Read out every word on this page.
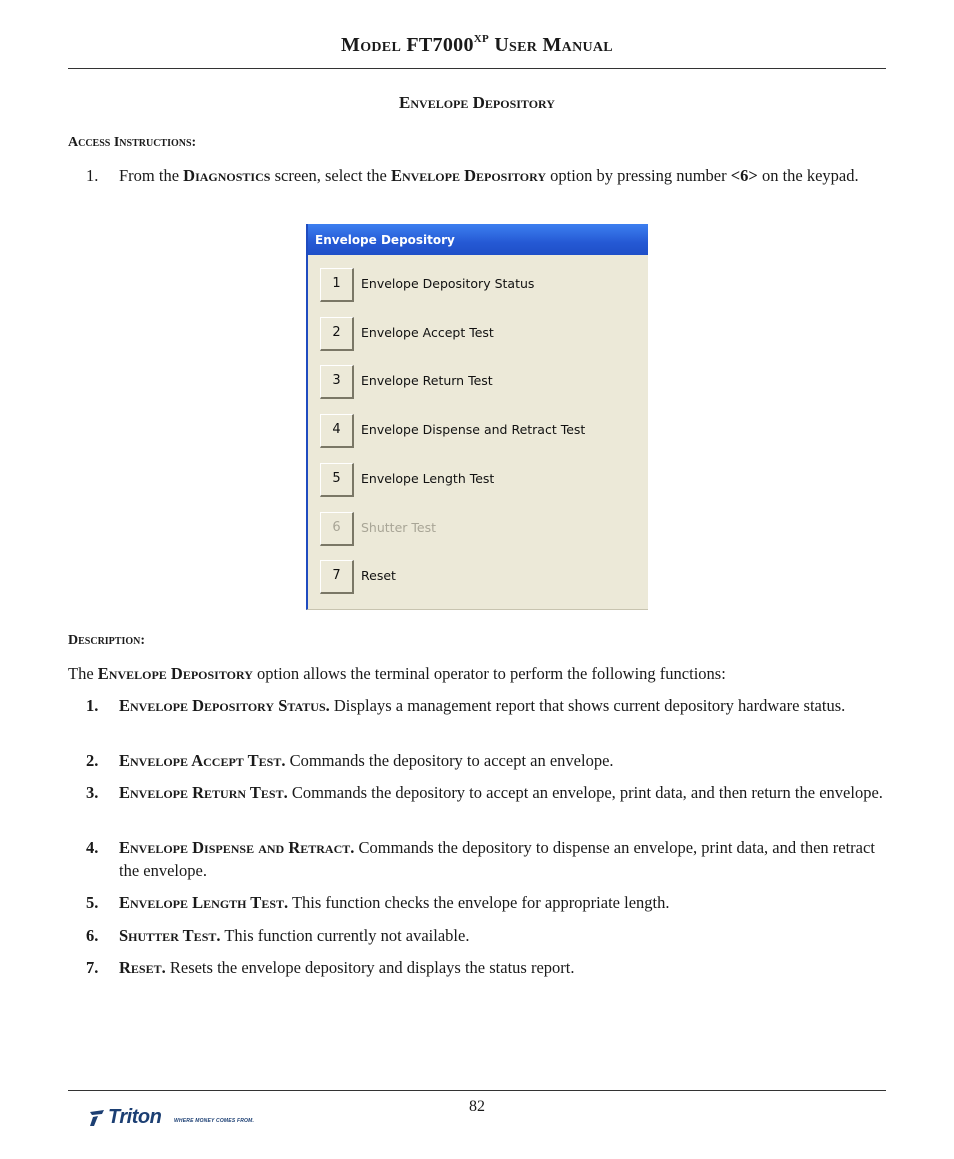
Model $FT7000^{XP}$ User Manual
Envelope Depository
Access Instructions:
1. From the Diagnostics screen, select the Envelope Depository option by pressing number <6> on the keypad.
Envelope Depository
1	Envelope Depository Status
2	Envelope Accept Test
3	Envelope Return Test
4	Envelope Dispense and Retract Test
5	Envelope Length Test
6	Shutter Test
7	Reset
Description:
The Envelope Depository option allows the terminal operator to perform the following functions:
1. Envelope Depository Status. Displays a management report that shows current depository hardware status.
2. Envelope Accept Test. Commands the depository to accept an envelope.
3. Envelope Return Test. Commands the depository to accept an envelope, print data, and then return the envelope.
4. Envelope Dispense and Retract. Commands the depository to dispense an envelope, print data, and then retract the envelope.
5. Envelope Length Test. This function checks the envelope for appropriate length.
6. Shutter Test. This function currently not available.
7. Reset. Resets the envelope depository and displays the status report.
82
Triton	WHERE MONEY COMES FROM.
